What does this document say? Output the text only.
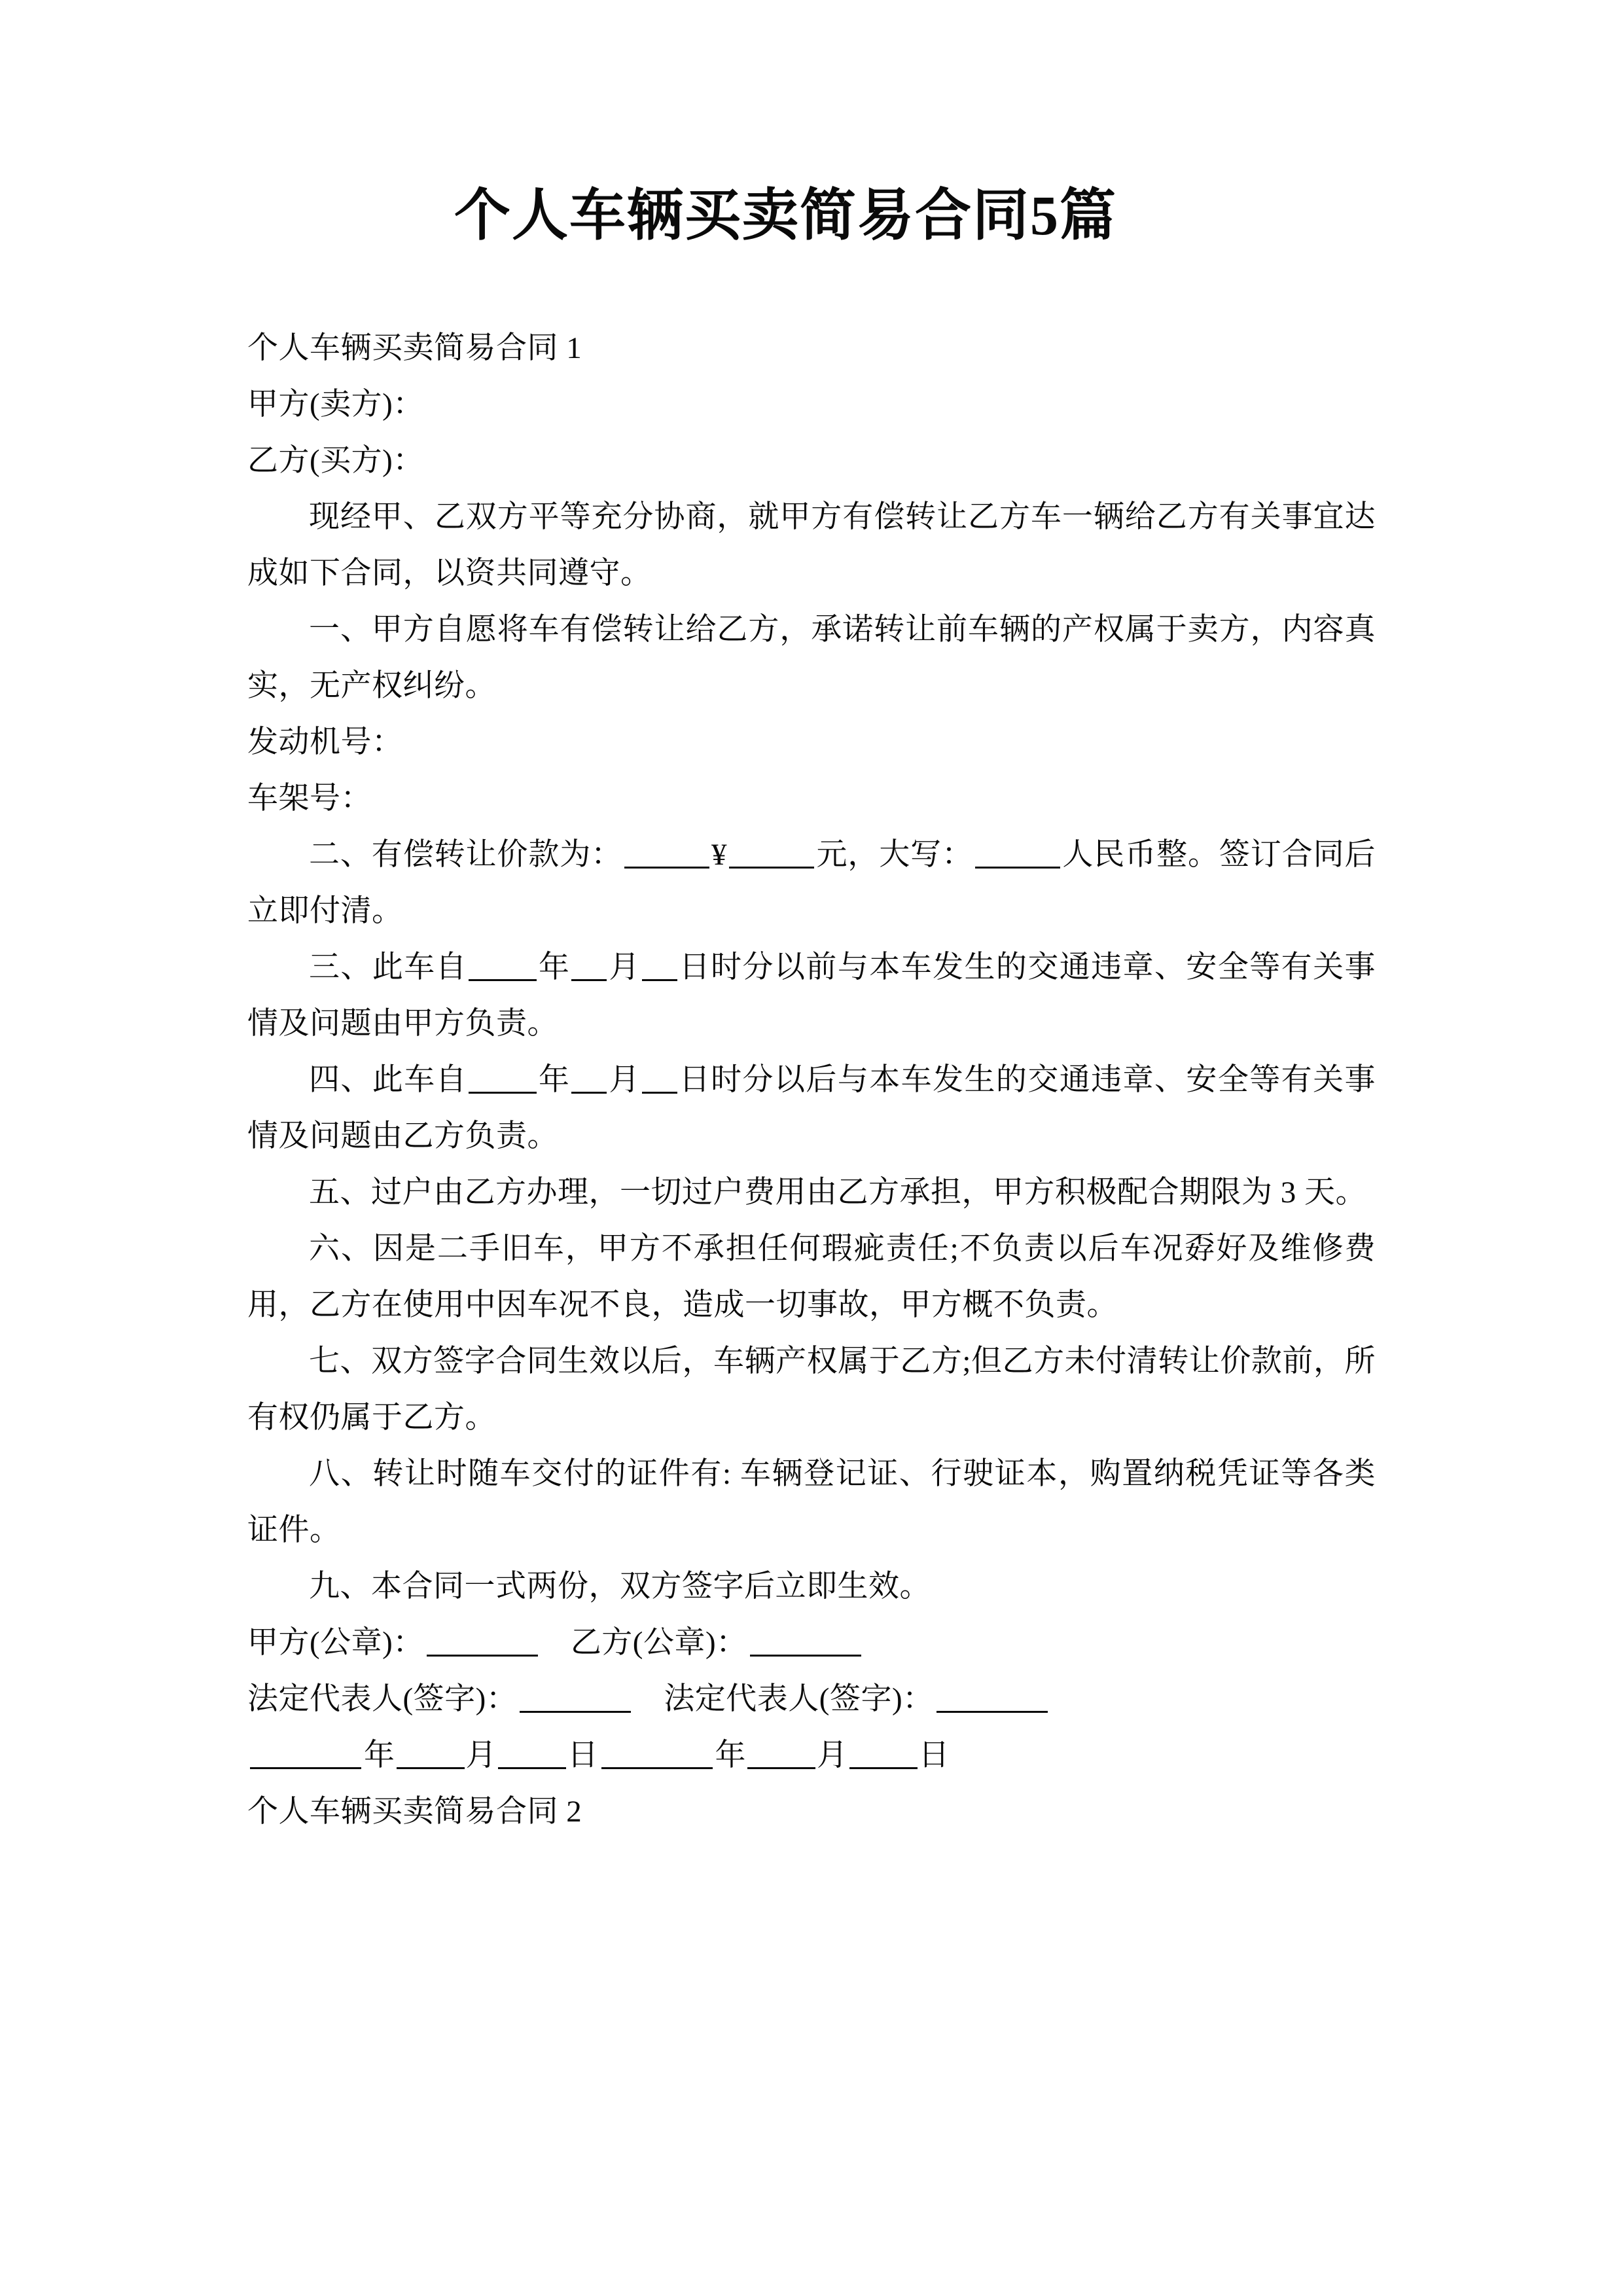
个人车辆买卖简易合同5篇

个人车辆买卖简易合同 1

甲方(卖方)：

乙方(买方)：

现经甲、乙双方平等充分协商，就甲方有偿转让乙方车一辆给乙方有关事宜达成如下合同，以资共同遵守。

一、甲方自愿将车有偿转让给乙方，承诺转让前车辆的产权属于卖方，内容真实，无产权纠纷。

发动机号：

车架号：

二、有偿转让价款为：	¥	元，大写：	人民币整。签订合同后立即付清。

三、此车自 年 月 日时分以前与本车发生的交通违章、安全等有关事情及问题由甲方负责。

四、此车自 年 月 日时分以后与本车发生的交通违章、安全等有关事情及问题由乙方负责。

五、过户由乙方办理，一切过户费用由乙方承担，甲方积极配合期限为 3 天。

六、因是二手旧车，甲方不承担任何瑕疵责任;不负责以后车况孬好及维修费用，乙方在使用中因车况不良，造成一切事故，甲方概不负责。

七、双方签字合同生效以后，车辆产权属于乙方;但乙方未付清转让价款前，所有权仍属于乙方。

八、转让时随车交付的证件有: 车辆登记证、行驶证本，购置纳税凭证等各类证件。

九、本合同一式两份，双方签字后立即生效。

甲方(公章)：	乙方(公章)：

法定代表人(签字)：	法定代表人(签字)：

年 月 日	年 月 日

个人车辆买卖简易合同 2
